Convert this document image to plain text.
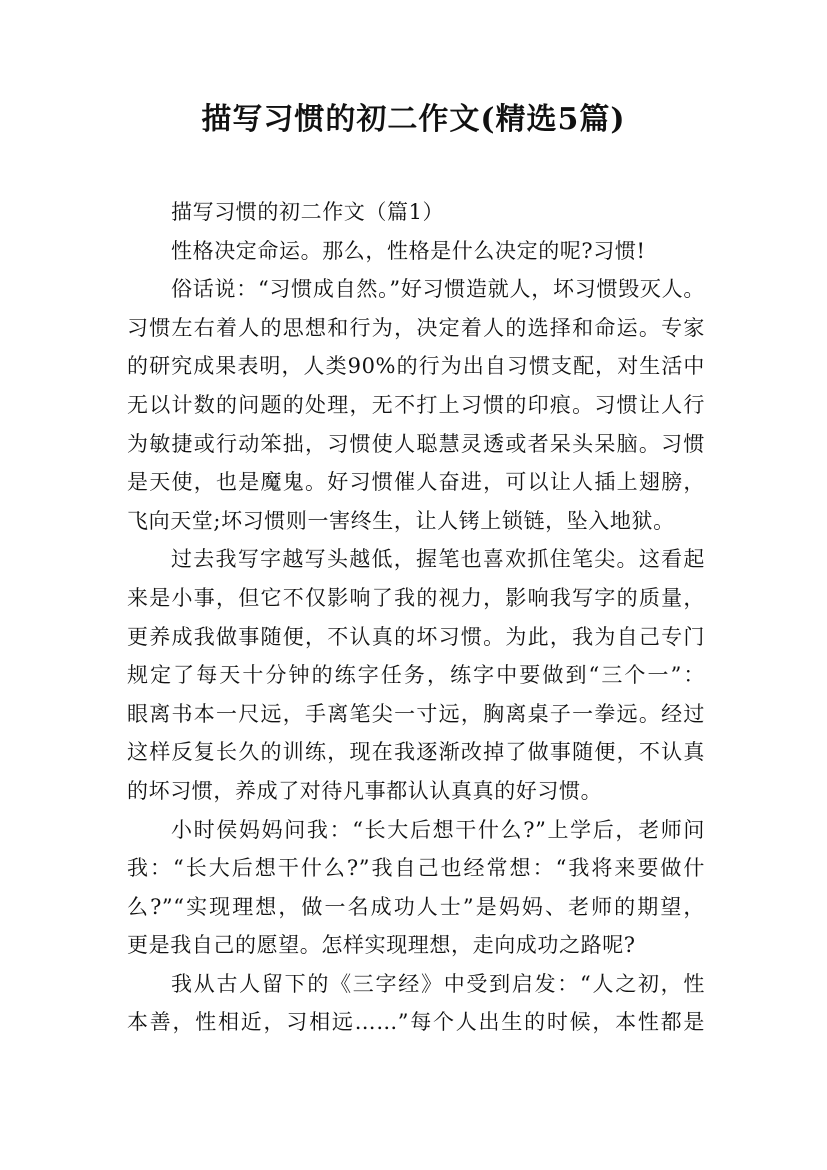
描写习惯的初二作文(精选5篇)
描写习惯的初二作文（篇1）
性格决定命运。那么，性格是什么决定的呢?习惯!
俗话说：“习惯成自然。”好习惯造就人，坏习惯毁灭人。
习惯左右着人的思想和行为，决定着人的选择和命运。专家
的研究成果表明，人类90%的行为出自习惯支配，对生活中
无以计数的问题的处理，无不打上习惯的印痕。习惯让人行
为敏捷或行动笨拙，习惯使人聪慧灵透或者呆头呆脑。习惯
是天使，也是魔鬼。好习惯催人奋进，可以让人插上翅膀，
飞向天堂;坏习惯则一害终生，让人铐上锁链，坠入地狱。
过去我写字越写头越低，握笔也喜欢抓住笔尖。这看起
来是小事，但它不仅影响了我的视力，影响我写字的质量，
更养成我做事随便，不认真的坏习惯。为此，我为自己专门
规定了每天十分钟的练字任务，练字中要做到“三个一”：
眼离书本一尺远，手离笔尖一寸远，胸离桌子一拳远。经过
这样反复长久的训练，现在我逐渐改掉了做事随便，不认真
的坏习惯，养成了对待凡事都认认真真的好习惯。
小时侯妈妈问我：“长大后想干什么?”上学后，老师问
我：“长大后想干什么?”我自己也经常想：“我将来要做什
么?”“实现理想，做一名成功人士”是妈妈、老师的期望，
更是我自己的愿望。怎样实现理想，走向成功之路呢?
我从古人留下的《三字经》中受到启发：“人之初，性
本善，性相近，习相远……”每个人出生的时候，本性都是
